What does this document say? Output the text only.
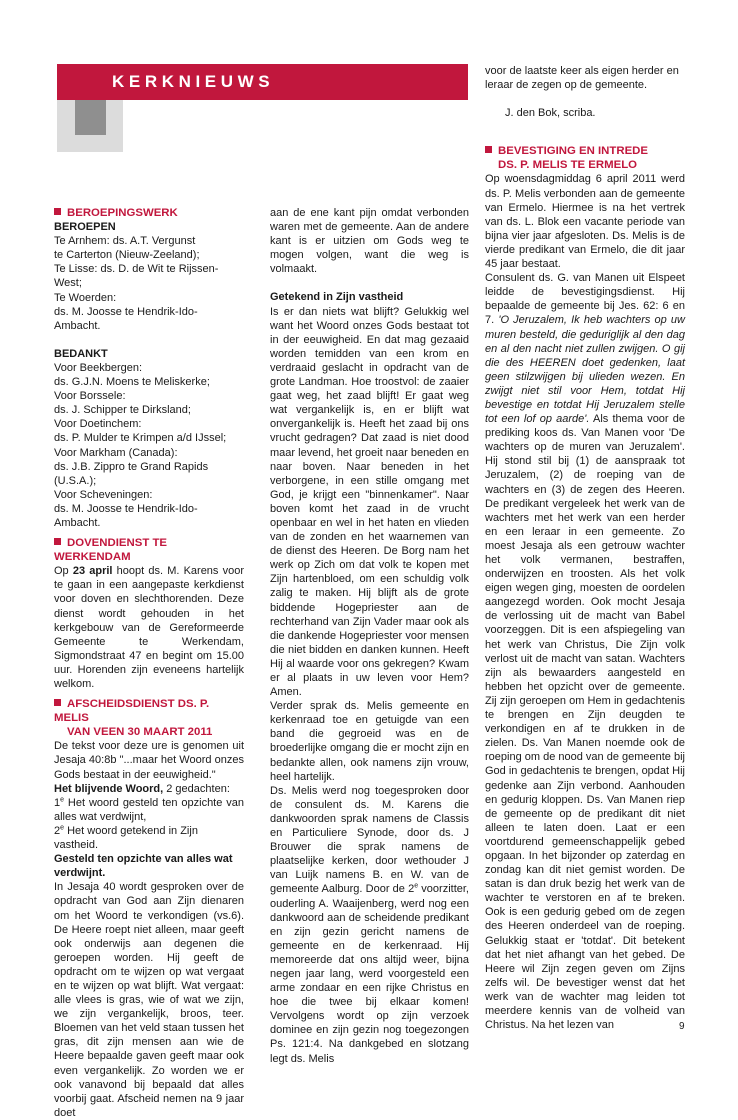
KERKNIEUWS
BEROEPINGSWERK

BEROEPEN

Te Arnhem: ds. A.T. Vergunst

te Carterton (Nieuw-Zeeland);

Te Lisse: ds. D. de Wit te Rijssen-West;

Te Woerden:

ds. M. Joosse te Hendrik-Ido-Ambacht.

BEDANKT

Voor Beekbergen:

ds. G.J.N. Moens te Meliskerke;

Voor Borssele:

ds. J. Schipper te Dirksland;

Voor Doetinchem:

ds. P. Mulder te Krimpen a/d IJssel;

Voor Markham (Canada):

ds. J.B. Zippro te Grand Rapids (U.S.A.);

Voor Scheveningen:

ds. M. Joosse te Hendrik-Ido-Ambacht.

DOVENDIENST TE WERKENDAM

Op 23 april hoopt ds. M. Karens voor te gaan in een aangepaste kerkdienst voor doven en slechthorenden. Deze dienst wordt gehouden in het kerkgebouw van de Gereformeerde Gemeente te Werkendam, Sigmondstraat 47 en begint om 15.00 uur. Horenden zijn eveneens hartelijk welkom.

AFSCHEIDSDIENST DS. P. MELIS
VAN VEEN 30 MAART 2011

De tekst voor deze ure is genomen uit Jesaja 40:8b "...maar het Woord onzes Gods bestaat in der eeuwigheid."

Het blijvende Woord, 2 gedachten:

1e Het woord gesteld ten opzichte van alles wat verdwijnt,

2e Het woord getekend in Zijn vastheid.

Gesteld ten opzichte van alles wat verdwijnt.

In Jesaja 40 wordt gesproken over de opdracht van God aan Zijn dienaren om het Woord te verkondigen (vs.6). De Heere roept niet alleen, maar geeft ook onderwijs aan degenen die geroepen worden. Hij geeft de opdracht om te wijzen op wat vergaat en te wijzen op wat blijft. Wat vergaat: alle vlees is gras, wie of wat we zijn, we zijn vergankelijk, broos, teer. Bloemen van het veld staan tussen het gras, dit zijn mensen aan wie de Heere bepaalde gaven geeft maar ook even vergankelijk. Zo worden we er ook vanavond bij bepaald dat alles voorbij gaat. Afscheid nemen na 9 jaar doet

aan de ene kant pijn omdat verbonden waren met de gemeente. Aan de andere kant is er uitzien om Gods weg te mogen volgen, want die weg is volmaakt.

Getekend in Zijn vastheid

Is er dan niets wat blijft? Gelukkig wel want het Woord onzes Gods bestaat tot in der eeuwigheid. En dat mag gezaaid worden temidden van een krom en verdraaid geslacht in opdracht van de grote Landman. Hoe troostvol: de zaaier gaat weg, het zaad blijft! Er gaat weg wat vergankelijk is, en er blijft wat onvergankelijk is. Heeft het zaad bij ons vrucht gedragen? Dat zaad is niet dood maar levend, het groeit naar beneden en naar boven. Naar beneden in het verborgene, in een stille omgang met God, je krijgt een "binnenkamer". Naar boven komt het zaad in de vrucht openbaar en wel in het haten en vlieden van de zonden en het waarnemen van de dienst des Heeren. De Borg nam het werk op Zich om dat volk te kopen met Zijn hartenbloed, om een schuldig volk zalig te maken. Hij blijft als de grote biddende Hogepriester aan de rechterhand van Zijn Vader maar ook als die dankende Hogepriester voor mensen die niet bidden en danken kunnen. Heeft Hij al waarde voor ons gekregen? Kwam er al plaats in uw leven voor Hem? Amen.

Verder sprak ds. Melis gemeente en kerkenraad toe en getuigde van een band die gegroeid was en de broederlijke omgang die er mocht zijn en bedankte allen, ook namens zijn vrouw, heel hartelijk.

Ds. Melis werd nog toegesproken door de consulent ds. M. Karens die dankwoorden sprak namens de Classis en Particuliere Synode, door ds. J Brouwer die sprak namens de plaatselijke kerken, door wethouder J van Luijk namens B. en W. van de gemeente Aalburg. Door de 2e voorzitter, ouderling A. Waaijenberg, werd nog een dankwoord aan de scheidende predikant en zijn gezin gericht namens de gemeente en de kerkenraad. Hij memoreerde dat ons altijd weer, bijna negen jaar lang, werd voorgesteld een arme zondaar en een rijke Christus en hoe die twee bij elkaar komen! Vervolgens wordt op zijn verzoek dominee en zijn gezin nog toegezongen Ps. 121:4. Na dankgebed en slotzang legt ds. Melis

voor de laatste keer als eigen herder en leraar de zegen op de gemeente.

J. den Bok, scriba.

BEVESTIGING EN INTREDE
DS. P. MELIS TE ERMELO

Op woensdagmiddag 6 april 2011 werd ds. P. Melis verbonden aan de gemeente van Ermelo. Hiermee is na het vertrek van ds. L. Blok een vacante periode van bijna vier jaar afgesloten. Ds. Melis is de vierde predikant van Ermelo, die dit jaar 45 jaar bestaat.

Consulent ds. G. van Manen uit Elspeet leidde de bevestigingsdienst. Hij bepaalde de gemeente bij Jes. 62: 6 en 7. 'O Jeruzalem, Ik heb wachters op uw muren besteld, die geduriglijk al den dag en al den nacht niet zullen zwijgen. O gij die des HEEREN doet gedenken, laat geen stilzwijgen bij ulieden wezen. En zwijgt niet stil voor Hem, totdat Hij bevestige en totdat Hij Jeruzalem stelle tot een lof op aarde'. Als thema voor de prediking koos ds. Van Manen voor 'De wachters op de muren van Jeruzalem'. Hij stond stil bij (1) de aanspraak tot Jeruzalem, (2) de roeping van de wachters en (3) de zegen des Heeren. De predikant vergeleek het werk van de wachters met het werk van een herder en een leraar in een gemeente. Zo moest Jesaja als een getrouw wachter het volk vermanen, bestraffen, onderwijzen en troosten. Als het volk eigen wegen ging, moesten de oordelen aangezegd worden. Ook mocht Jesaja de verlossing uit de macht van Babel voorzeggen. Dit is een afspiegeling van het werk van Christus, Die Zijn volk verlost uit de macht van satan. Wachters zijn als bewaarders aangesteld en hebben het opzicht over de gemeente. Zij zijn geroepen om Hem in gedachtenis te brengen en Zijn deugden te verkondigen en af te drukken in de zielen. Ds. Van Manen noemde ook de roeping om de nood van de gemeente bij God in gedachtenis te brengen, opdat Hij gedenke aan Zijn verbond. Aanhouden en gedurig kloppen. Ds. Van Manen riep de gemeente op de predikant dit niet alleen te laten doen. Laat er een voortdurend gemeenschappelijk gebed opgaan. In het bijzonder op zaterdag en zondag kan dit niet gemist worden. De satan is dan druk bezig het werk van de wachter te verstoren en af te breken. Ook is een gedurig gebed om de zegen des Heeren onderdeel van de roeping. Gelukkig staat er 'totdat'. Dit betekent dat het niet afhangt van het gebed. De Heere wil Zijn zegen geven om Zijns zelfs wil. De bevestiger wenst dat het werk van de wachter mag leiden tot meerdere kennis van de volheid van Christus. Na het lezen van	9
